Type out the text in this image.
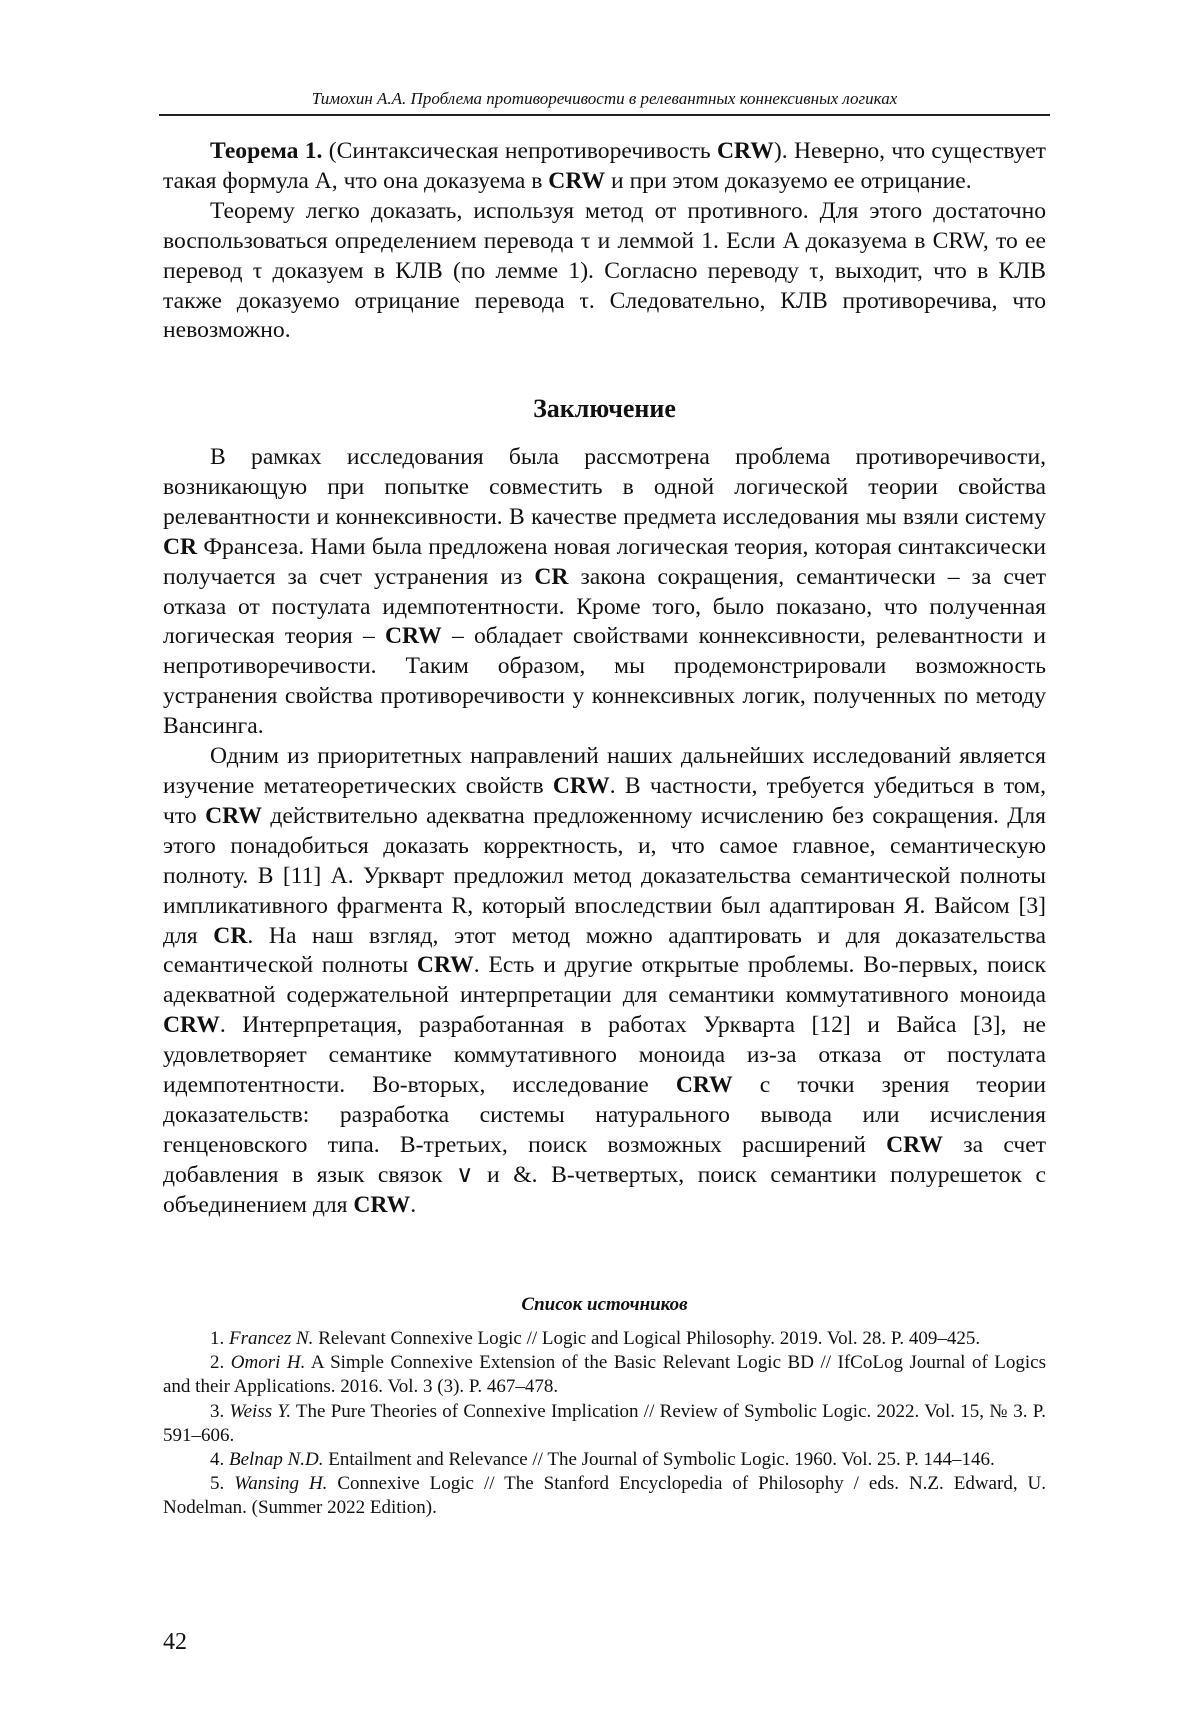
Тимохин А.А. Проблема противоречивости в релевантных коннексивных логиках

Теорема 1. (Синтаксическая непротиворечивость CRW). Неверно, что существует такая формула A, что она доказуема в CRW и при этом доказуемо ее отрицание.

Теорему легко доказать, используя метод от противного. Для этого достаточно воспользоваться определением перевода τ и леммой 1. Если A доказуема в CRW, то ее перевод τ доказуем в КЛВ (по лемме 1). Согласно переводу τ, выходит, что в КЛВ также доказуемо отрицание перевода τ. Следовательно, КЛВ противоречива, что невозможно.

Заключение

В рамках исследования была рассмотрена проблема противоречивости, возникающую при попытке совместить в одной логической теории свойства релевантности и коннексивности. В качестве предмета исследования мы взяли систему CR Франсеза. Нами была предложена новая логическая теория, которая синтаксически получается за счет устранения из CR закона сокращения, семантически – за счет отказа от постулата идемпотентности. Кроме того, было показано, что полученная логическая теория – CRW – обладает свойствами коннексивности, релевантности и непротиворечивости. Таким образом, мы продемонстрировали возможность устранения свойства противоречивости у коннексивных логик, полученных по методу Вансинга.

Одним из приоритетных направлений наших дальнейших исследований является изучение метатеоретических свойств CRW. В частности, требуется убедиться в том, что CRW действительно адекватна предложенному исчислению без сокращения. Для этого понадобиться доказать корректность, и, что самое главное, семантическую полноту. В [11] А. Уркварт предложил метод доказательства семантической полноты импликативного фрагмента R, который впоследствии был адаптирован Я. Вайсом [3] для CR. На наш взгляд, этот метод можно адаптировать и для доказательства семантической полноты CRW. Есть и другие открытые проблемы. Во-первых, поиск адекватной содержательной интерпретации для семантики коммутативного моноида CRW. Интерпретация, разработанная в работах Уркварта [12] и Вайса [3], не удовлетворяет семантике коммутативного моноида из-за отказа от постулата идемпотентности. Во-вторых, исследование CRW с точки зрения теории доказательств: разработка системы натурального вывода или исчисления генценовского типа. В-третьих, поиск возможных расширений CRW за счет добавления в язык связок ∨ и &. В-четвертых, поиск семантики полурешеток с объединением для CRW.

Список источников

1. Francez N. Relevant Connexive Logic // Logic and Logical Philosophy. 2019. Vol. 28. P. 409–425.

2. Omori H. A Simple Connexive Extension of the Basic Relevant Logic BD // IfCoLog Journal of Logics and their Applications. 2016. Vol. 3 (3). P. 467–478.

3. Weiss Y. The Pure Theories of Connexive Implication // Review of Symbolic Logic. 2022. Vol. 15, № 3. P. 591–606.

4. Belnap N.D. Entailment and Relevance // The Journal of Symbolic Logic. 1960. Vol. 25. P. 144–146.

5. Wansing H. Connexive Logic // The Stanford Encyclopedia of Philosophy / eds. N.Z. Edward, U. Nodelman. (Summer 2022 Edition).

42
